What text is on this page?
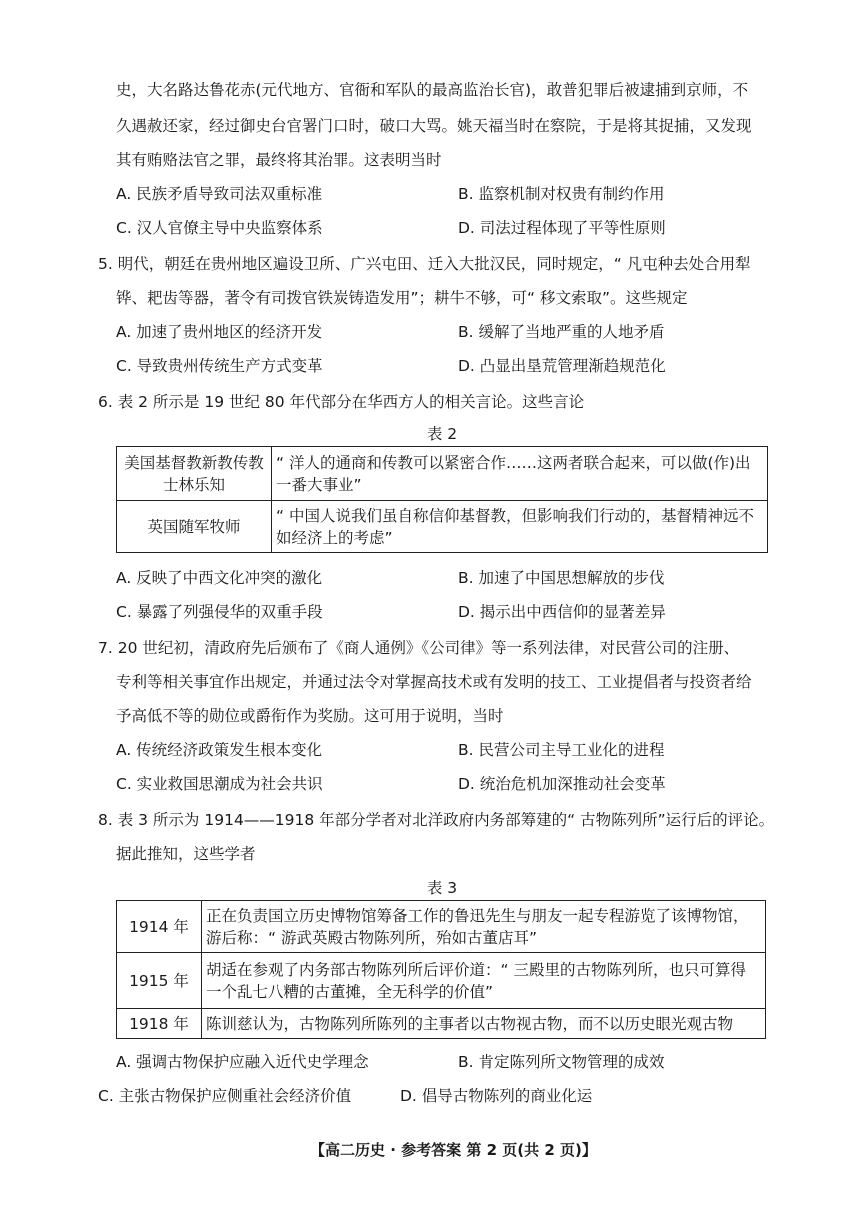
史，大名路达鲁花赤(元代地方、官衙和军队的最高监治长官)，敢普犯罪后被逮捕到京师，不
久遇赦还家，经过御史台官署门口时，破口大骂。姚天福当时在察院，于是将其捉捕，又发现
其有贿赂法官之罪，最终将其治罪。这表明当时
A. 民族矛盾导致司法双重标准	B. 监察机制对权贵有制约作用
C. 汉人官僚主导中央监察体系	D. 司法过程体现了平等性原则
5. 明代，朝廷在贵州地区遍设卫所、广兴屯田、迁入大批汉民，同时规定，“ 凡屯种去处合用犁
铧、耙齿等器，著令有司拨官铁炭铸造发用”；耕牛不够，可“ 移文索取”。这些规定
A. 加速了贵州地区的经济开发	B. 缓解了当地严重的人地矛盾
C. 导致贵州传统生产方式变革	D. 凸显出垦荒管理渐趋规范化
6. 表 2 所示是 19 世纪 80 年代部分在华西方人的相关言论。这些言论
表 2
美国基督教新教传教士林乐知	“ 洋人的通商和传教可以紧密合作……这两者联合起来，可以做(作)出一番大事业”
英国随军牧师	“ 中国人说我们虽自称信仰基督教，但影响我们行动的，基督精神远不如经济上的考虑”
A. 反映了中西文化冲突的激化	B. 加速了中国思想解放的步伐
C. 暴露了列强侵华的双重手段	D. 揭示出中西信仰的显著差异
7. 20 世纪初，清政府先后颁布了《商人通例》《公司律》等一系列法律，对民营公司的注册、
专利等相关事宜作出规定，并通过法令对掌握高技术或有发明的技工、工业提倡者与投资者给
予高低不等的勋位或爵衔作为奖励。这可用于说明，当时
A. 传统经济政策发生根本变化	B. 民营公司主导工业化的进程
C. 实业救国思潮成为社会共识	D. 统治危机加深推动社会变革
8. 表 3 所示为 1914——1918 年部分学者对北洋政府内务部筹建的“ 古物陈列所”运行后的评论。
据此推知，这些学者
表 3
1914 年	正在负责国立历史博物馆筹备工作的鲁迅先生与朋友一起专程游览了该博物馆，游后称：“ 游武英殿古物陈列所，殆如古董店耳”
1915 年	胡适在参观了内务部古物陈列所后评价道：“ 三殿里的古物陈列所，也只可算得一个乱七八糟的古董摊，全无科学的价值”
1918 年	陈训慈认为，古物陈列所陈列的主事者以古物视古物，而不以历史眼光观古物
A. 强调古物保护应融入近代史学理念	B. 肯定陈列所文物管理的成效
C. 主张古物保护应侧重社会经济价值	D. 倡导古物陈列的商业化运
【高二历史 · 参考答案 第 2 页(共 2 页)】
